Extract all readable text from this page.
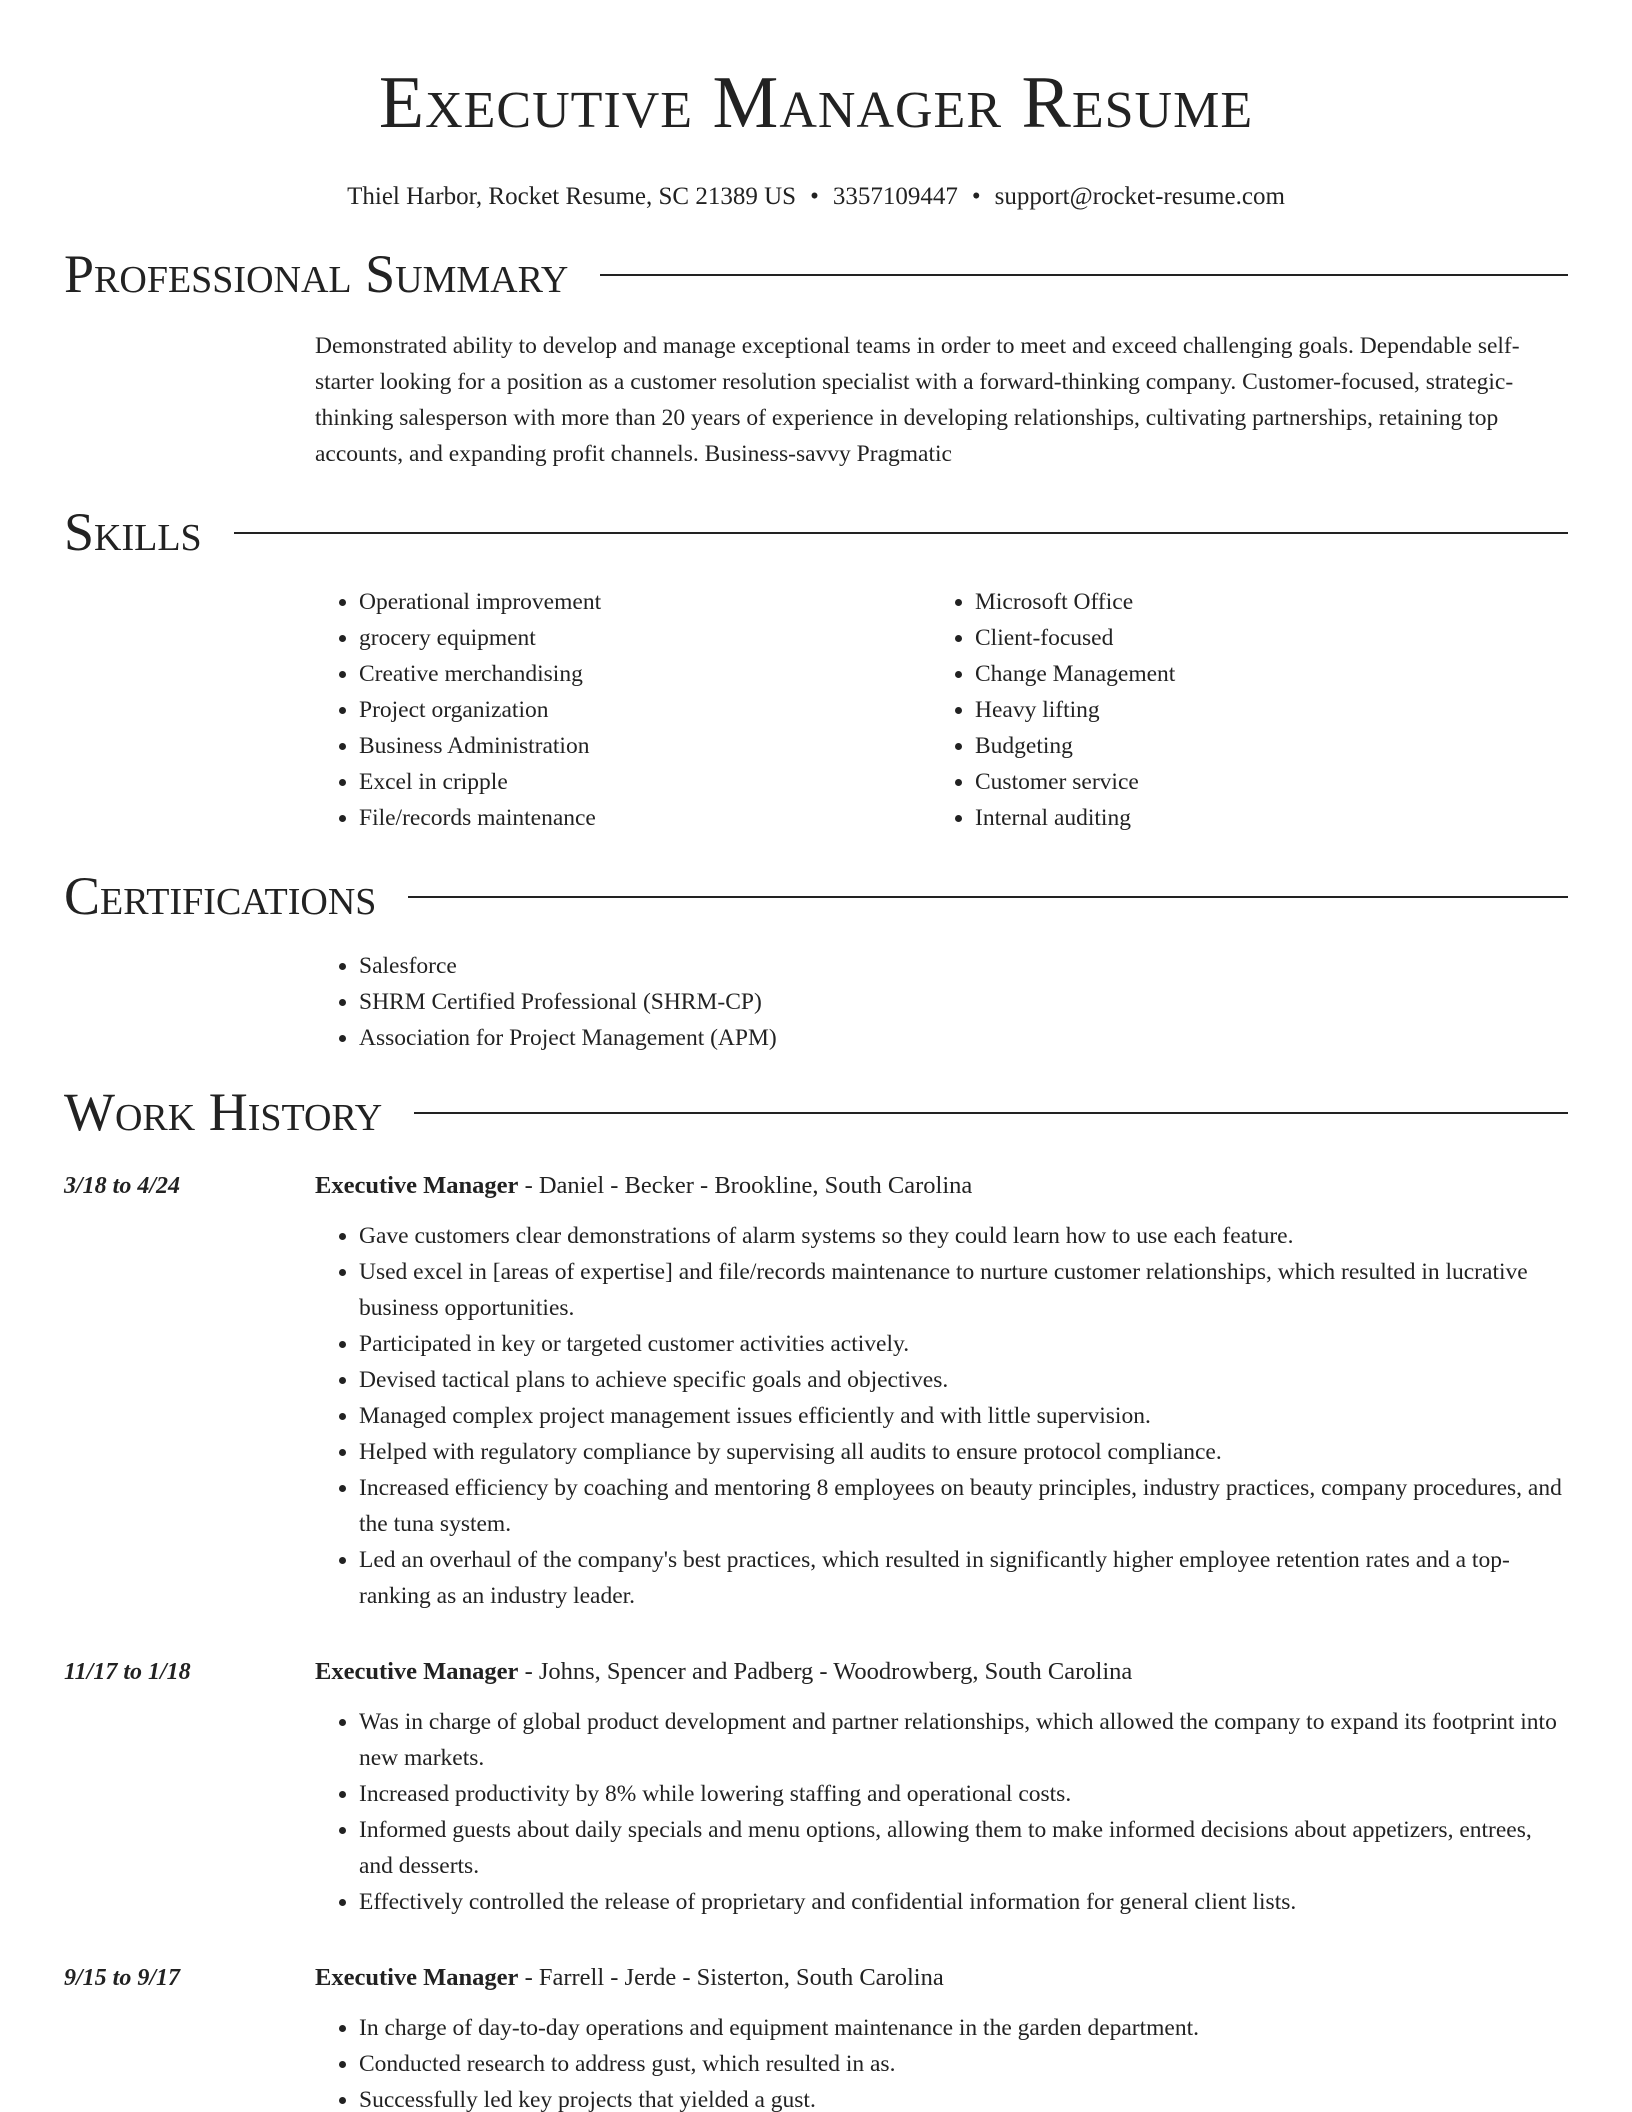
Executive Manager Resume
Thiel Harbor, Rocket Resume, SC 21389 US • 3357109447 • support@rocket-resume.com
Professional Summary

Demonstrated ability to develop and manage exceptional teams in order to meet and exceed challenging goals. Dependable self-starter looking for a position as a customer resolution specialist with a forward-thinking company. Customer-focused, strategic-thinking salesperson with more than 20 years of experience in developing relationships, cultivating partnerships, retaining top accounts, and expanding profit channels. Business-savvy Pragmatic

Skills
• Operational improvement
• grocery equipment
• Creative merchandising
• Project organization
• Business Administration
• Excel in cripple
• File/records maintenance
• Microsoft Office
• Client-focused
• Change Management
• Heavy lifting
• Budgeting
• Customer service
• Internal auditing
Certifications
• Salesforce
• SHRM Certified Professional (SHRM-CP)
• Association for Project Management (APM)
Work History
3/18 to 4/24	Executive Manager - Daniel - Becker - Brookline, South Carolina
• Gave customers clear demonstrations of alarm systems so they could learn how to use each feature.
• Used excel in [areas of expertise] and file/records maintenance to nurture customer relationships, which resulted in lucrative business opportunities.
• Participated in key or targeted customer activities actively.
• Devised tactical plans to achieve specific goals and objectives.
• Managed complex project management issues efficiently and with little supervision.
• Helped with regulatory compliance by supervising all audits to ensure protocol compliance.
• Increased efficiency by coaching and mentoring 8 employees on beauty principles, industry practices, company procedures, and the tuna system.
• Led an overhaul of the company's best practices, which resulted in significantly higher employee retention rates and a top-ranking as an industry leader.
11/17 to 1/18	Executive Manager - Johns, Spencer and Padberg - Woodrowberg, South Carolina
• Was in charge of global product development and partner relationships, which allowed the company to expand its footprint into new markets.
• Increased productivity by 8% while lowering staffing and operational costs.
• Informed guests about daily specials and menu options, allowing them to make informed decisions about appetizers, entrees, and desserts.
• Effectively controlled the release of proprietary and confidential information for general client lists.
9/15 to 9/17	Executive Manager - Farrell - Jerde - Sisterton, South Carolina
• In charge of day-to-day operations and equipment maintenance in the garden department.
• Conducted research to address gust, which resulted in as.
• Successfully led key projects that yielded a gust.
